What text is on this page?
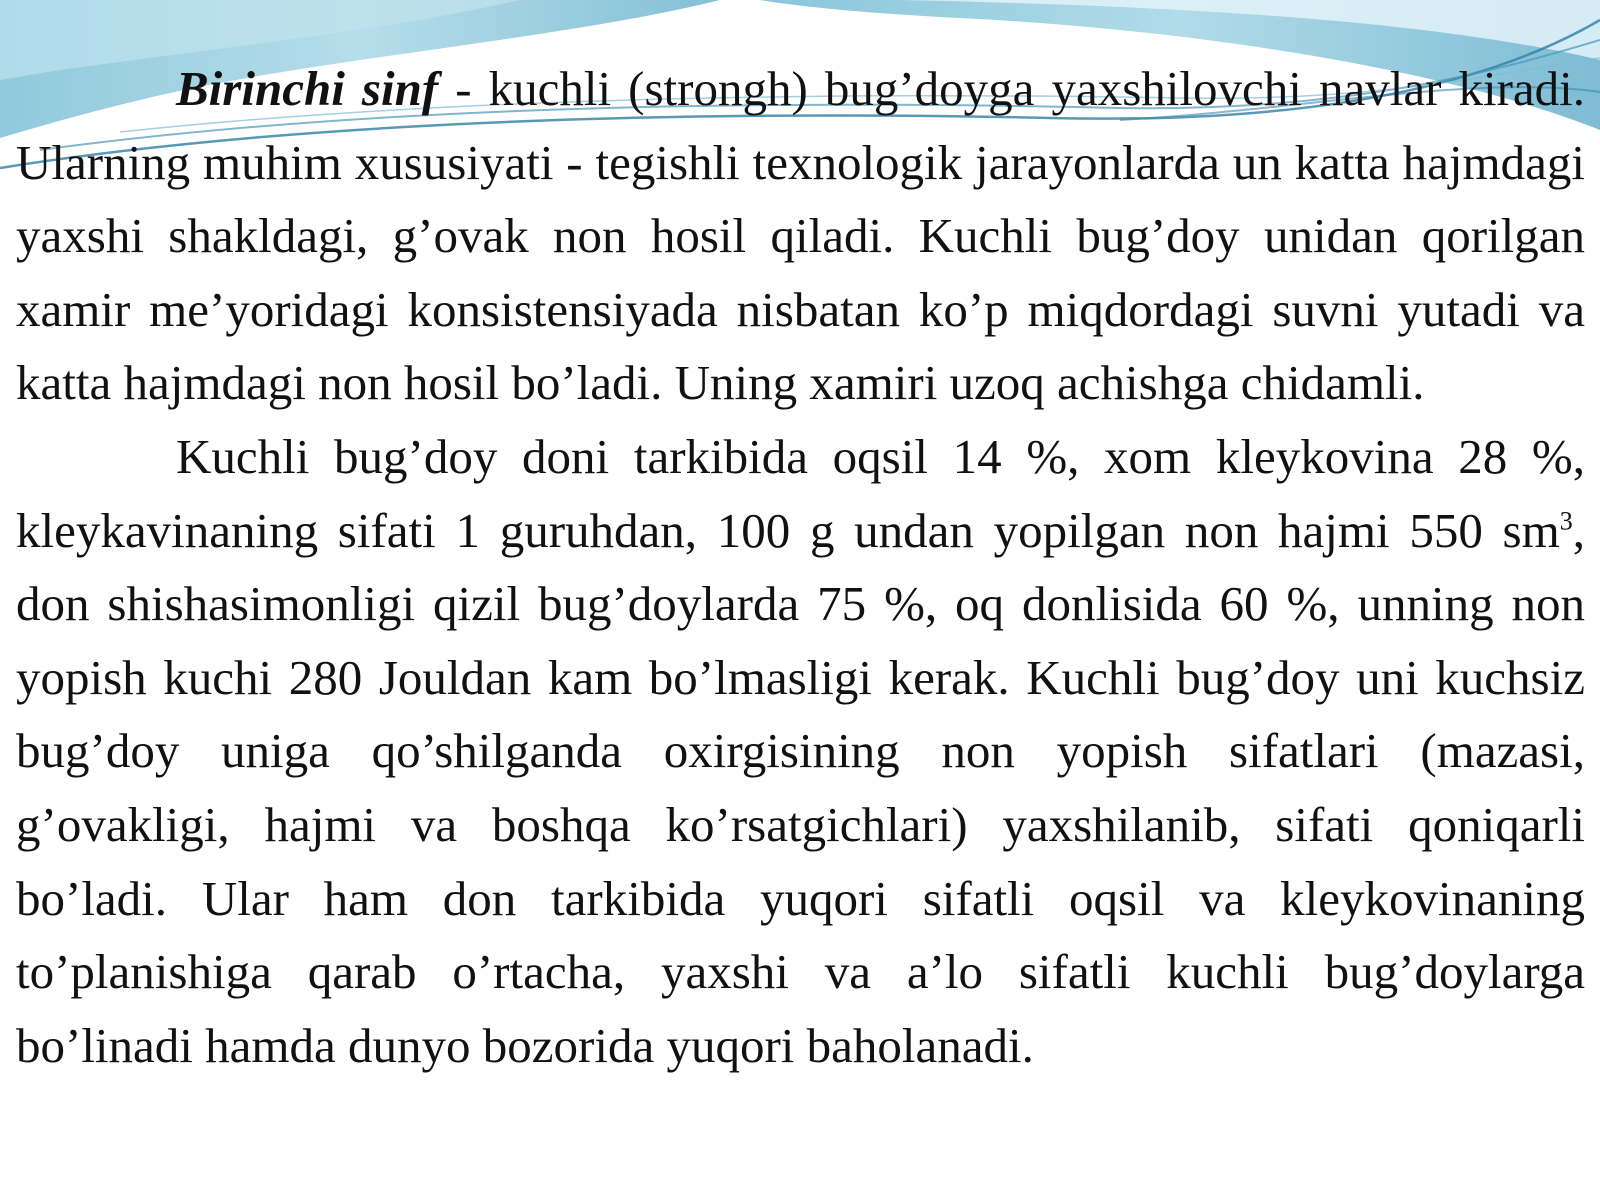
Birinchi sinf - kuchli (strongh) bug’doyga yaxshilovchi navlar kiradi. Ularning muhim xususiyati - tegishli texnologik jarayonlarda un katta hajmdagi yaxshi shakldagi, g’ovak non hosil qiladi. Kuchli bug’doy unidan qorilgan xamir me’yoridagi konsistensiyada nisbatan ko’p miqdordagi suvni yutadi va katta hajmdagi non hosil bo’ladi. Uning xamiri uzoq achishga chidamli.

Kuchli bug’doy doni tarkibida oqsil 14 %, xom kleykovina 28 %, kleykavinaning sifati 1 guruhdan, 100 g undan yopilgan non hajmi 550 $sm^3$, don shishasimonligi qizil bug’doylarda 75 %, oq donlisida 60 %, unning non yopish kuchi 280 Jouldan kam bo’lmasligi kerak. Kuchli bug’doy uni kuchsiz bug’doy uniga qo’shilganda oxirgisining non yopish sifatlari (mazasi, g’ovakligi, hajmi va boshqa ko’rsatgichlari) yaxshilanib, sifati qoniqarli bo’ladi. Ular ham don tarkibida yuqori sifatli oqsil va kleykovinaning to’planishiga qarab o’rtacha, yaxshi va a’lo sifatli kuchli bug’doylarga bo’linadi hamda dunyo bozorida yuqori baholanadi.
